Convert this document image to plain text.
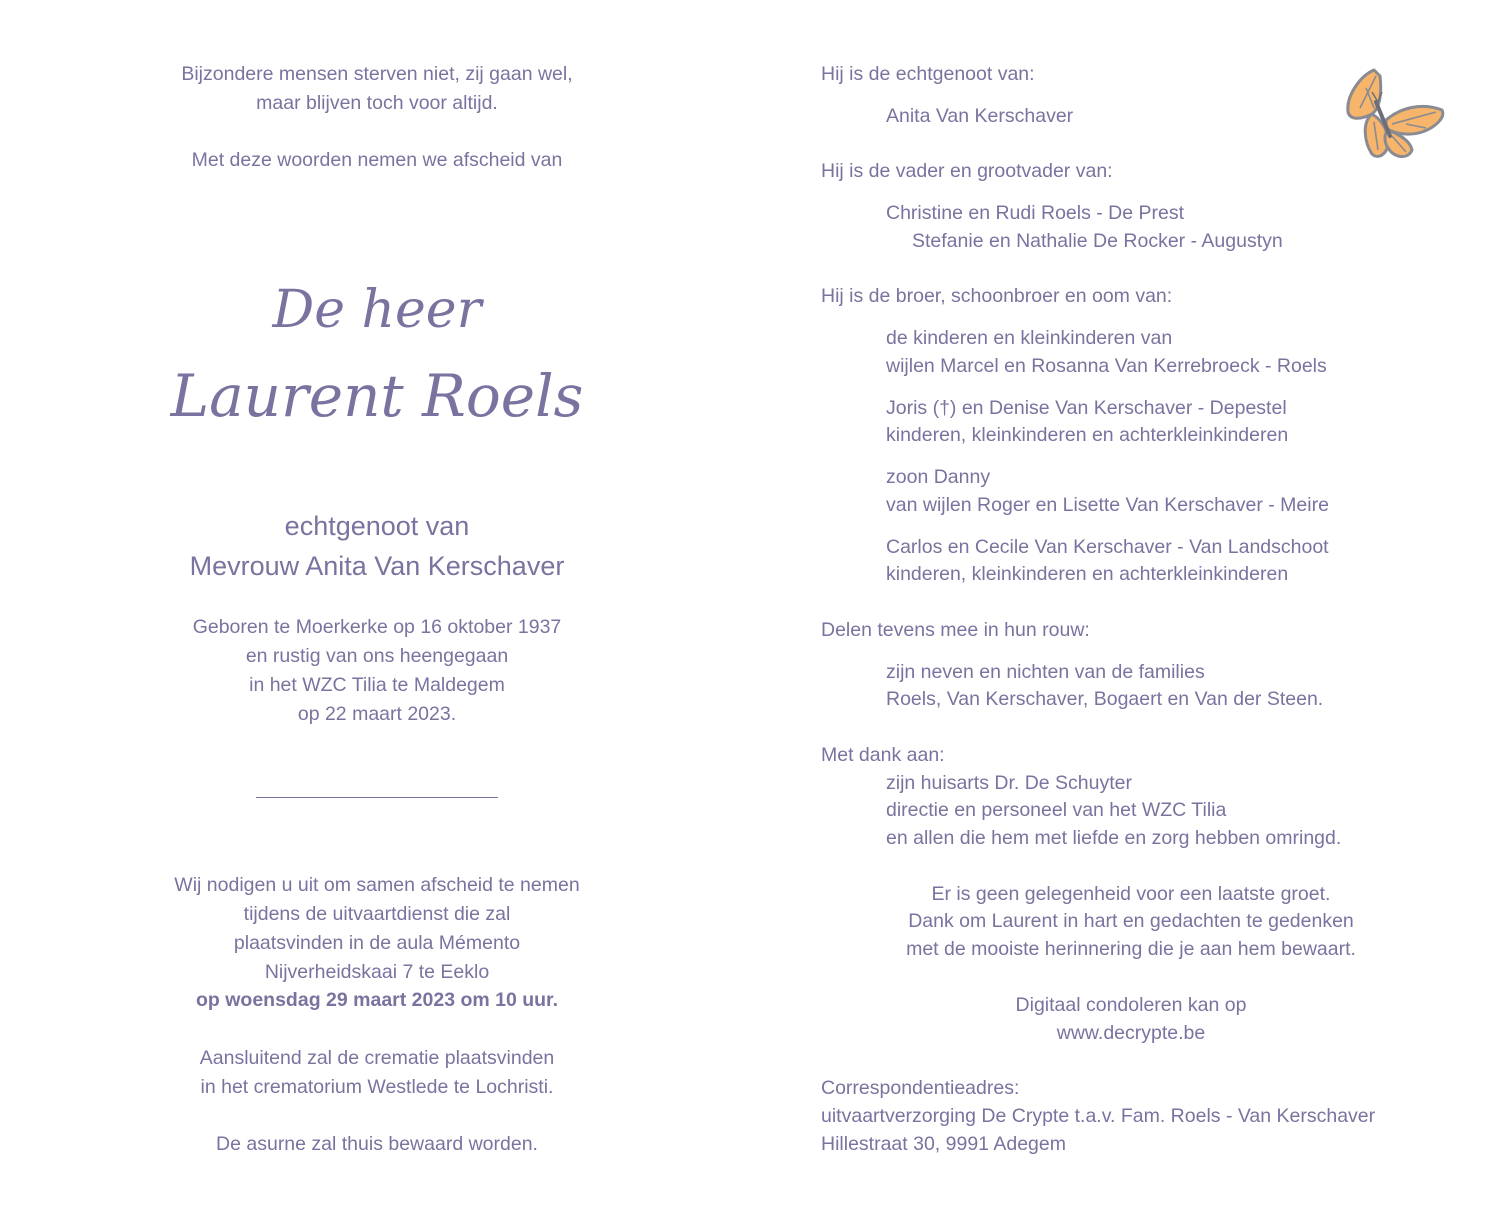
Bijzondere mensen sterven niet, zij gaan wel,
maar blijven toch voor altijd.
Met deze woorden nemen we afscheid van
De heer
Laurent Roels
echtgenoot van
Mevrouw Anita Van Kerschaver
Geboren te Moerkerke op 16 oktober 1937
en rustig van ons heengegaan
in het WZC Tilia te Maldegem
op 22 maart 2023.
Wij nodigen u uit om samen afscheid te nemen
tijdens de uitvaartdienst die zal
plaatsvinden in de aula Mémento
Nijverheidskaai 7 te Eeklo
op woensdag 29 maart 2023 om 10 uur.
Aansluitend zal de crematie plaatsvinden
in het crematorium Westlede te Lochristi.
De asurne zal thuis bewaard worden.
Hij is de echtgenoot van:
Anita Van Kerschaver
Hij is de vader en grootvader van:
Christine en Rudi Roels - De Prest
Stefanie en Nathalie De Rocker - Augustyn
Hij is de broer, schoonbroer en oom van:
de kinderen en kleinkinderen van
wijlen Marcel en Rosanna Van Kerrebroeck - Roels
Joris (†) en Denise Van Kerschaver - Depestel
kinderen, kleinkinderen en achterkleinkinderen
zoon Danny
van wijlen Roger en Lisette Van Kerschaver - Meire
Carlos en Cecile Van Kerschaver - Van Landschoot
kinderen, kleinkinderen en achterkleinkinderen
Delen tevens mee in hun rouw:
zijn neven en nichten van de families
Roels, Van Kerschaver, Bogaert en Van der Steen.
Met dank aan:
zijn huisarts Dr. De Schuyter
directie en personeel van het WZC Tilia
en allen die hem met liefde en zorg hebben omringd.
Er is geen gelegenheid voor een laatste groet.
Dank om Laurent in hart en gedachten te gedenken
met de mooiste herinnering die je aan hem bewaart.
Digitaal condoleren kan op
www.decrypte.be
Correspondentieadres:
uitvaartverzorging De Crypte t.a.v. Fam. Roels - Van Kerschaver
Hillestraat 30, 9991 Adegem
